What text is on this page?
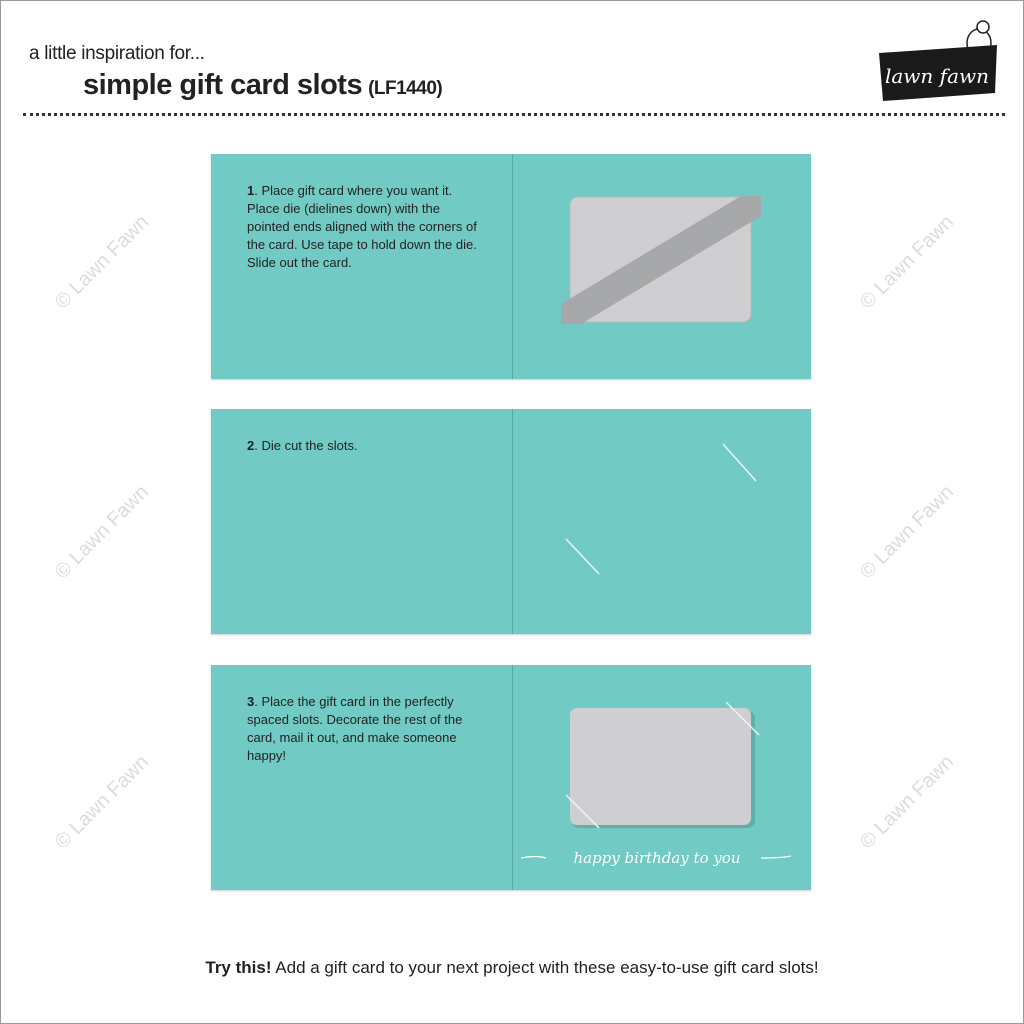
© Lawn Fawn
© Lawn Fawn
© Lawn Fawn
© Lawn Fawn
© Lawn Fawn
© Lawn Fawn
a little inspiration for...
simple gift card slots (LF1440)
lawn fawn
1. Place gift card where you want it. Place die (dielines down) with the pointed ends aligned with the corners of the card. Use tape to hold down the die. Slide out the card.
2. Die cut the slots.
3. Place the gift card in the perfectly spaced slots. Decorate the rest of the card, mail it out, and make someone happy!
happy birthday to you
Try this! Add a gift card to your next project with these easy-to-use gift card slots!
